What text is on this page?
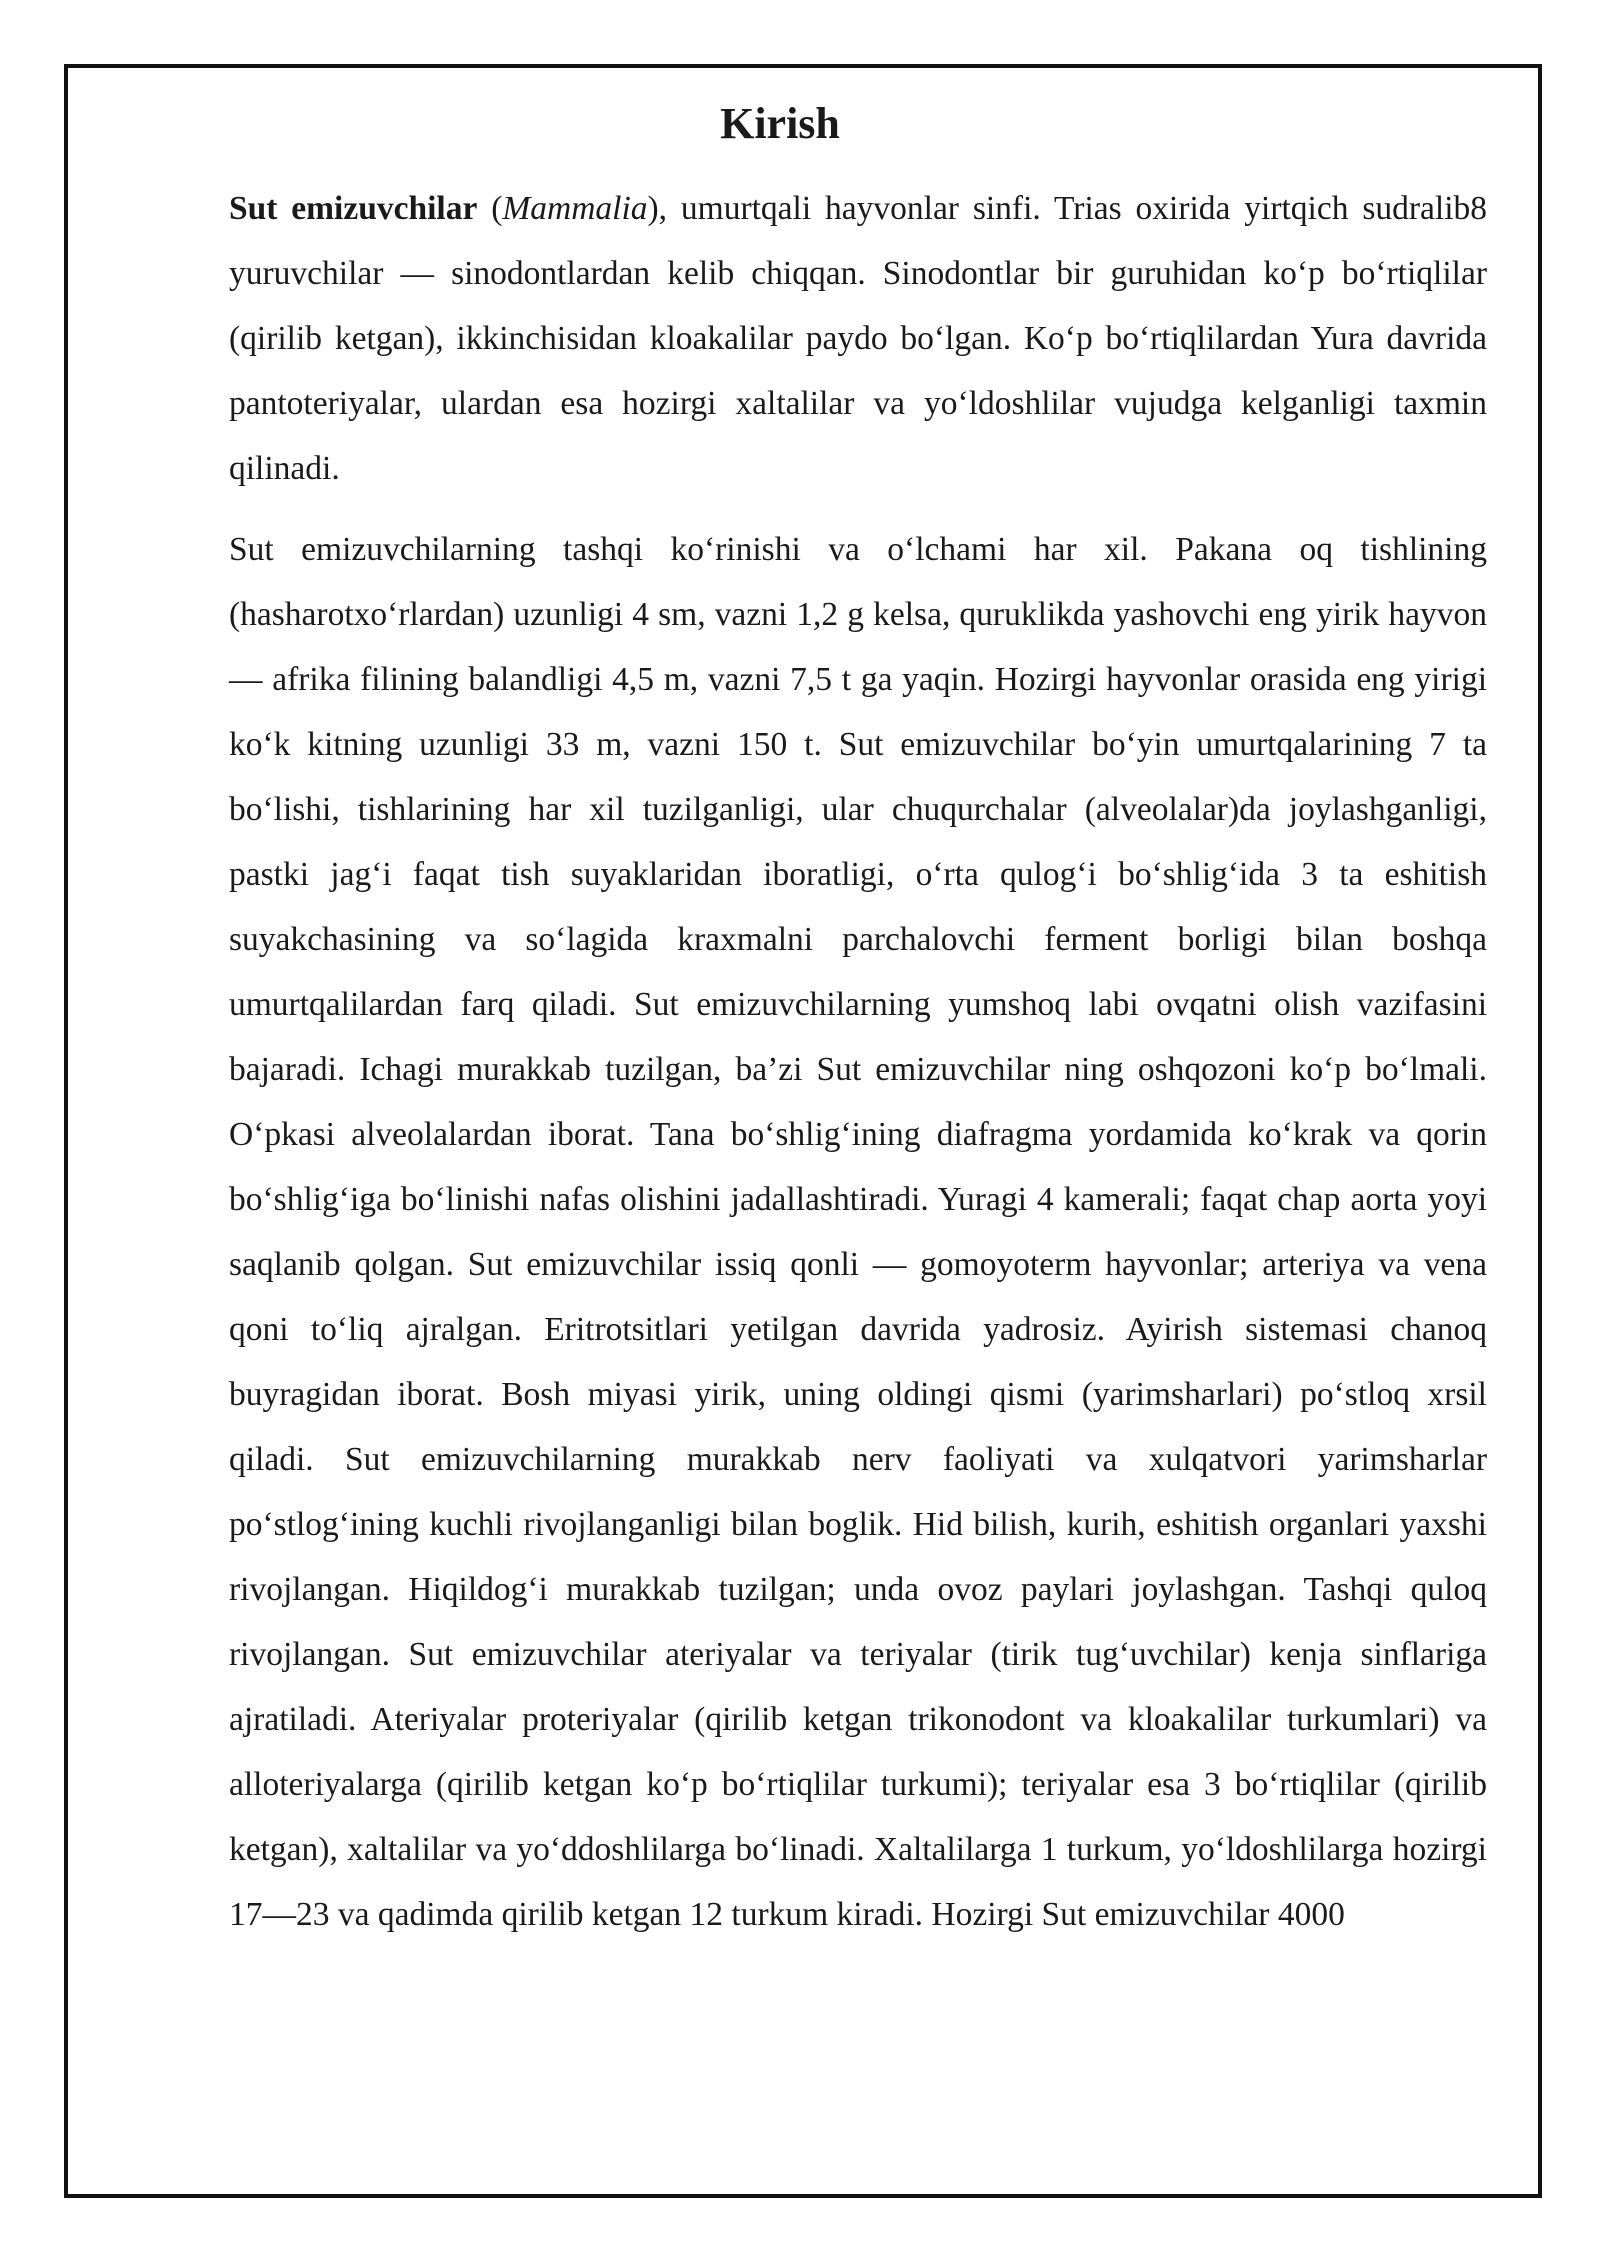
Kirish

Sut emizuvchilar (Mammalia), umurtqali hayvonlar sinfi. Trias oxirida yirtqich sudralib8 yuruvchilar — sinodontlardan kelib chiqqan. Sinodontlar bir guruhidan ko‘p bo‘rtiqlilar (qirilib ketgan), ikkinchisidan kloakalilar paydo bo‘lgan. Ko‘p bo‘rtiqlilardan Yura davrida pantoteriyalar, ulardan esa hozirgi xaltalilar va yo‘ldoshlilar vujudga kelganligi taxmin qilinadi.

Sut emizuvchilarning tashqi ko‘rinishi va o‘lchami har xil. Pakana oq tishlining (hasharotxo‘rlardan) uzunligi 4 sm, vazni 1,2 g kelsa, quruklikda yashovchi eng yirik hayvon — afrika filining balandligi 4,5 m, vazni 7,5 t ga yaqin. Hozirgi hayvonlar orasida eng yirigi ko‘k kitning uzunligi 33 m, vazni 150 t. Sut emizuvchilar bo‘yin umurtqalarining 7 ta bo‘lishi, tishlarining har xil tuzilganligi, ular chuqurchalar (alveolalar)da joylashganligi, pastki jag‘i faqat tish suyaklaridan iboratligi, o‘rta qulog‘i bo‘shlig‘ida 3 ta eshitish suyakchasining va so‘lagida kraxmalni parchalovchi ferment borligi bilan boshqa umurtqalilardan farq qiladi. Sut emizuvchilarning yumshoq labi ovqatni olish vazifasini bajaradi. Ichagi murakkab tuzilgan, ba’zi Sut emizuvchilar ning oshqozoni ko‘p bo‘lmali. O‘pkasi alveolalardan iborat. Tana bo‘shlig‘ining diafragma yordamida ko‘krak va qorin bo‘shlig‘iga bo‘linishi nafas olishini jadallashtiradi. Yuragi 4 kamerali; faqat chap aorta yoyi saqlanib qolgan. Sut emizuvchilar issiq qonli — gomoyoterm hayvonlar; arteriya va vena qoni to‘liq ajralgan. Eritrotsitlari yetilgan davrida yadrosiz. Ayirish sistemasi chanoq buyragidan iborat. Bosh miyasi yirik, uning oldingi qismi (yarimsharlari) po‘stloq xrsil qiladi. Sut emizuvchilarning murakkab nerv faoliyati va xulqatvori yarimsharlar po‘stlog‘ining kuchli rivojlanganligi bilan boglik. Hid bilish, kurih, eshitish organlari yaxshi rivojlangan. Hiqildog‘i murakkab tuzilgan; unda ovoz paylari joylashgan. Tashqi quloq rivojlangan. Sut emizuvchilar ateriyalar va teriyalar (tirik tug‘uvchilar) kenja sinflariga ajratiladi. Ateriyalar proteriyalar (qirilib ketgan trikonodont va kloakalilar turkumlari) va alloteriyalarga (qirilib ketgan ko‘p bo‘rtiqlilar turkumi); teriyalar esa 3 bo‘rtiqlilar (qirilib ketgan), xaltalilar va yo‘ddoshlilarga bo‘linadi. Xaltalilarga 1 turkum, yo‘ldoshlilarga hozirgi 17—23 va qadimda qirilib ketgan 12 turkum kiradi. Hozirgi Sut emizuvchilar 4000
